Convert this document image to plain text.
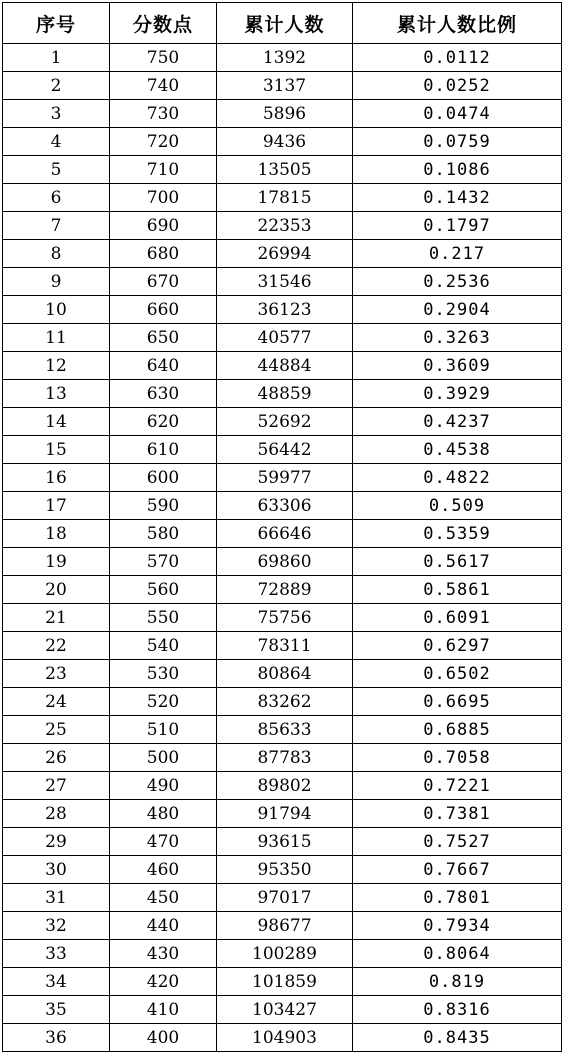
序号	分数点	累计人数	累计人数比例
1	750	1392	0.0112
2	740	3137	0.0252
3	730	5896	0.0474
4	720	9436	0.0759
5	710	13505	0.1086
6	700	17815	0.1432
7	690	22353	0.1797
8	680	26994	0.217
9	670	31546	0.2536
10	660	36123	0.2904
11	650	40577	0.3263
12	640	44884	0.3609
13	630	48859	0.3929
14	620	52692	0.4237
15	610	56442	0.4538
16	600	59977	0.4822
17	590	63306	0.509
18	580	66646	0.5359
19	570	69860	0.5617
20	560	72889	0.5861
21	550	75756	0.6091
22	540	78311	0.6297
23	530	80864	0.6502
24	520	83262	0.6695
25	510	85633	0.6885
26	500	87783	0.7058
27	490	89802	0.7221
28	480	91794	0.7381
29	470	93615	0.7527
30	460	95350	0.7667
31	450	97017	0.7801
32	440	98677	0.7934
33	430	100289	0.8064
34	420	101859	0.819
35	410	103427	0.8316
36	400	104903	0.8435
